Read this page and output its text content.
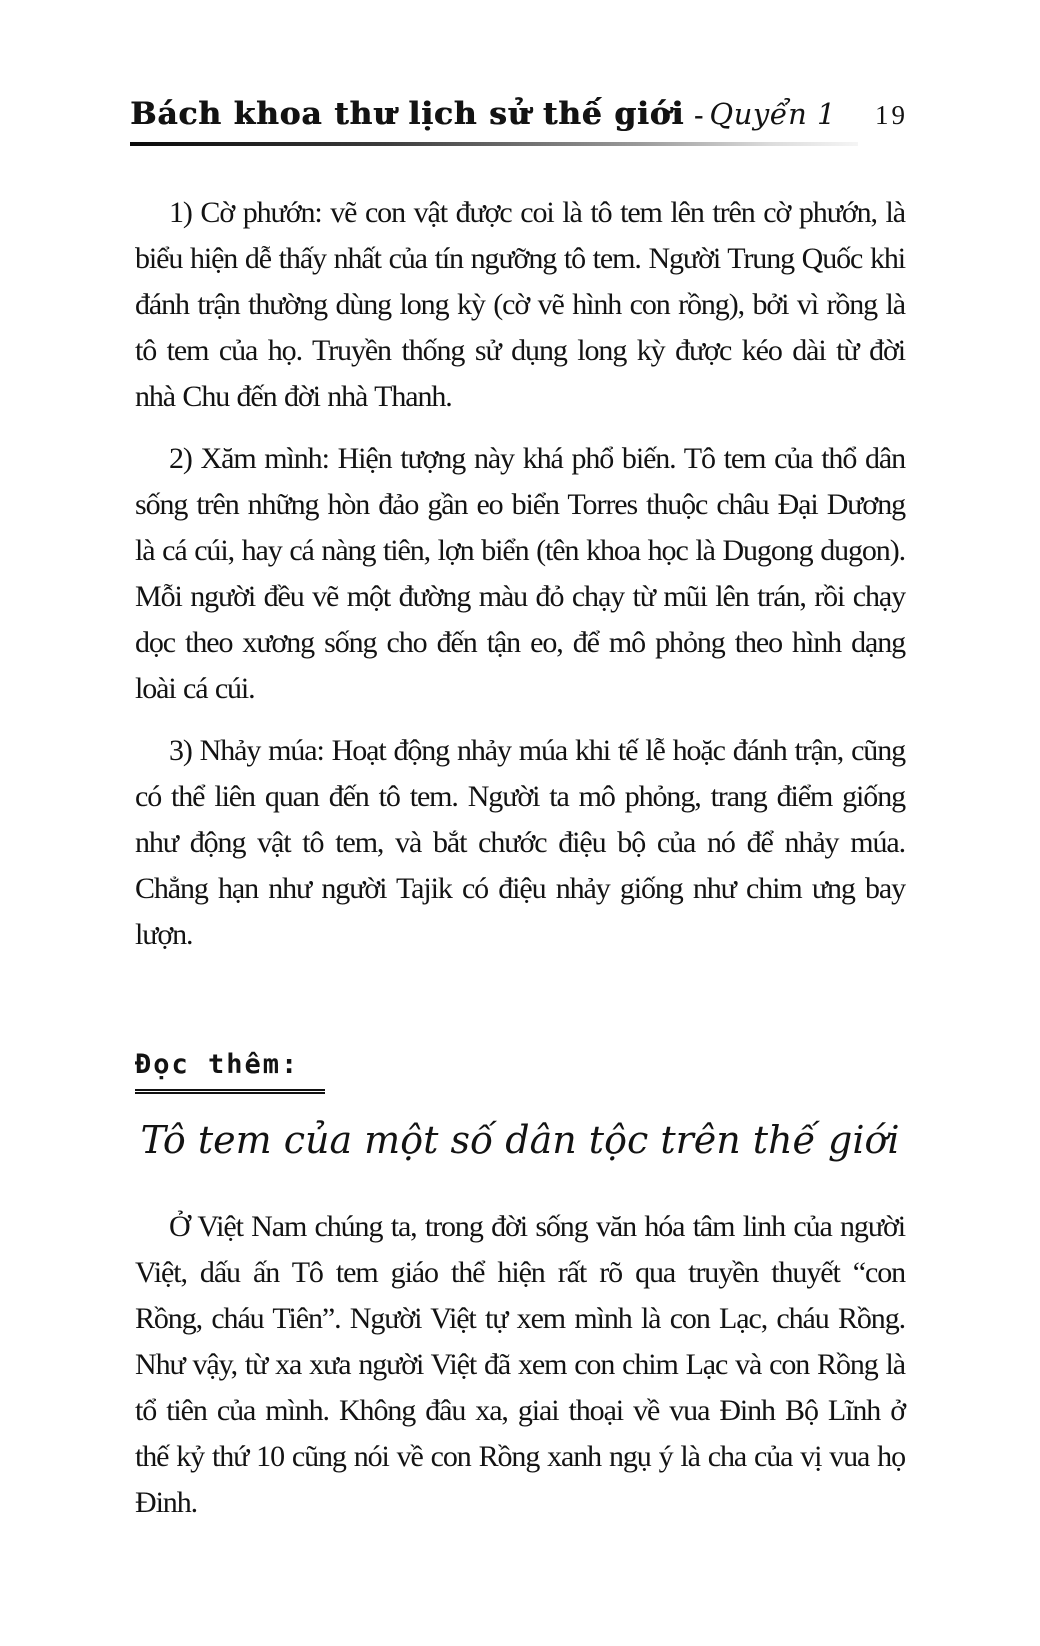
Bách khoa thư lịch sử thế giới - Quyển 1 19

1) Cờ phướn: vẽ con vật được coi là tô tem lên trên cờ phướn, là biểu hiện dễ thấy nhất của tín ngưỡng tô tem. Người Trung Quốc khi đánh trận thường dùng long kỳ (cờ vẽ hình con rồng), bởi vì rồng là tô tem của họ. Truyền thống sử dụng long kỳ được kéo dài từ đời nhà Chu đến đời nhà Thanh.

2) Xăm mình: Hiện tượng này khá phổ biến. Tô tem của thổ dân sống trên những hòn đảo gần eo biển Torres thuộc châu Đại Dương là cá cúi, hay cá nàng tiên, lợn biển (tên khoa học là Dugong dugon). Mỗi người đều vẽ một đường màu đỏ chạy từ mũi lên trán, rồi chạy dọc theo xương sống cho đến tận eo, để mô phỏng theo hình dạng loài cá cúi.

3) Nhảy múa: Hoạt động nhảy múa khi tế lễ hoặc đánh trận, cũng có thể liên quan đến tô tem. Người ta mô phỏng, trang điểm giống như động vật tô tem, và bắt chước điệu bộ của nó để nhảy múa. Chẳng hạn như người Tajik có điệu nhảy giống như chim ưng bay lượn.

Đọc thêm:
Tô tem của một số dân tộc trên thế giới

Ở Việt Nam chúng ta, trong đời sống văn hóa tâm linh của người Việt, dấu ấn Tô tem giáo thể hiện rất rõ qua truyền thuyết “con Rồng, cháu Tiên”. Người Việt tự xem mình là con Lạc, cháu Rồng. Như vậy, từ xa xưa người Việt đã xem con chim Lạc và con Rồng là tổ tiên của mình. Không đâu xa, giai thoại về vua Đinh Bộ Lĩnh ở thế kỷ thứ 10 cũng nói về con Rồng xanh ngụ ý là cha của vị vua họ Đinh.
